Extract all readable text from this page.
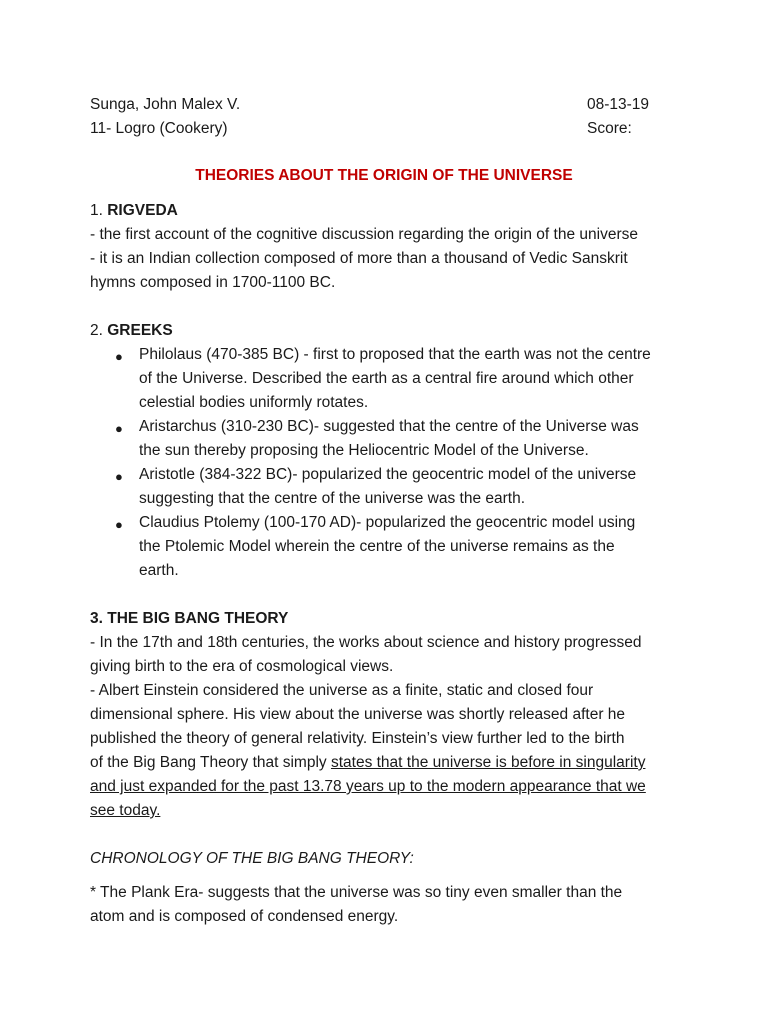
Sunga, John Malex V.	08-13-19
11- Logro (Cookery)	Score:
THEORIES ABOUT THE ORIGIN OF THE UNIVERSE
1. RIGVEDA
- the first account of the cognitive discussion regarding the origin of the universe
- it is an Indian collection composed of more than a thousand of Vedic Sanskrit
hymns composed in 1700-1100 BC.
2. GREEKS
● Philolaus (470-385 BC) - first to proposed that the earth was not the centre
of the Universe. Described the earth as a central fire around which other
celestial bodies uniformly rotates.
● Aristarchus (310-230 BC)- suggested that the centre of the Universe was
the sun thereby proposing the Heliocentric Model of the Universe.
● Aristotle (384-322 BC)- popularized the geocentric model of the universe
suggesting that the centre of the universe was the earth.
● Claudius Ptolemy (100-170 AD)- popularized the geocentric model using
the Ptolemic Model wherein the centre of the universe remains as the
earth.
3. THE BIG BANG THEORY
- In the 17th and 18th centuries, the works about science and history progressed
giving birth to the era of cosmological views.
- Albert Einstein considered the universe as a finite, static and closed four
dimensional sphere. His view about the universe was shortly released after he
published the theory of general relativity. Einstein’s view further led to the birth
of the Big Bang Theory that simply states that the universe is before in singularity
and just expanded for the past 13.78 years up to the modern appearance that we
see today.
CHRONOLOGY OF THE BIG BANG THEORY:
* The Plank Era- suggests that the universe was so tiny even smaller than the
atom and is composed of condensed energy.
